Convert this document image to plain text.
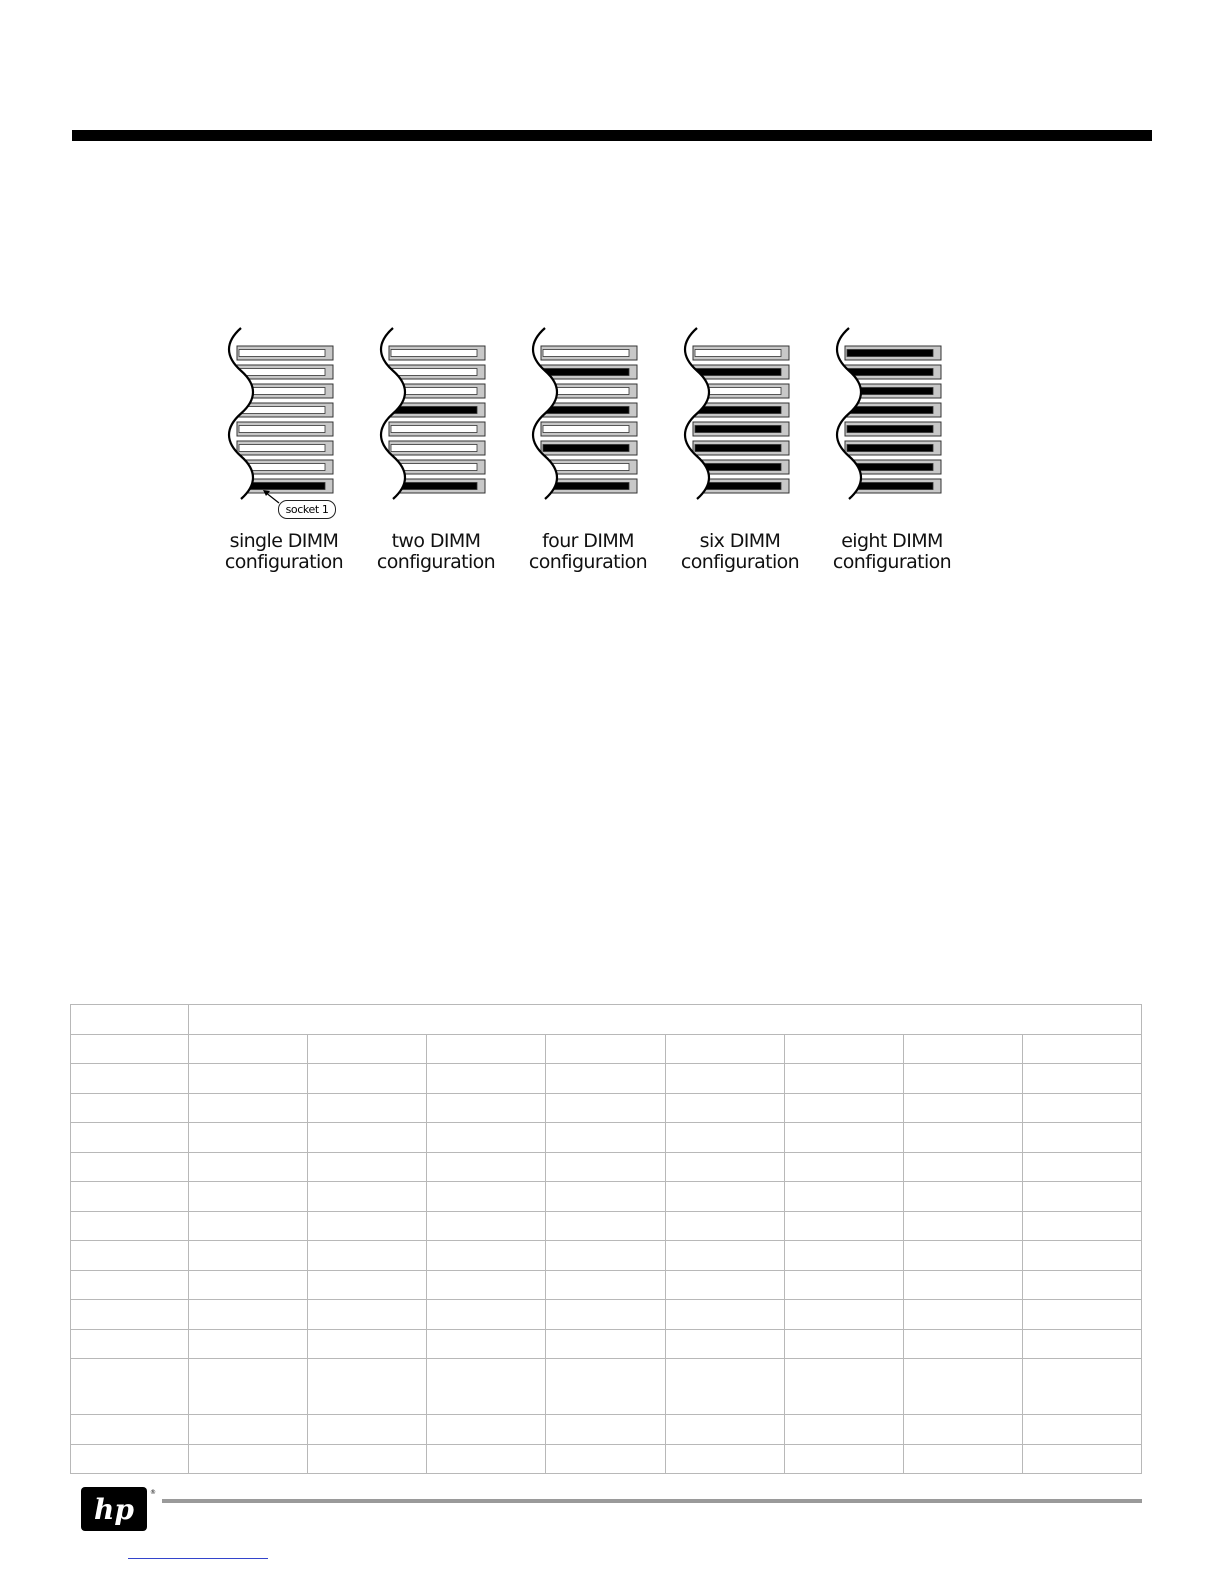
socket 1
single DIMM
configuration
two DIMM
configuration
four DIMM
configuration
six DIMM
configuration
eight DIMM
configuration

hp
®
